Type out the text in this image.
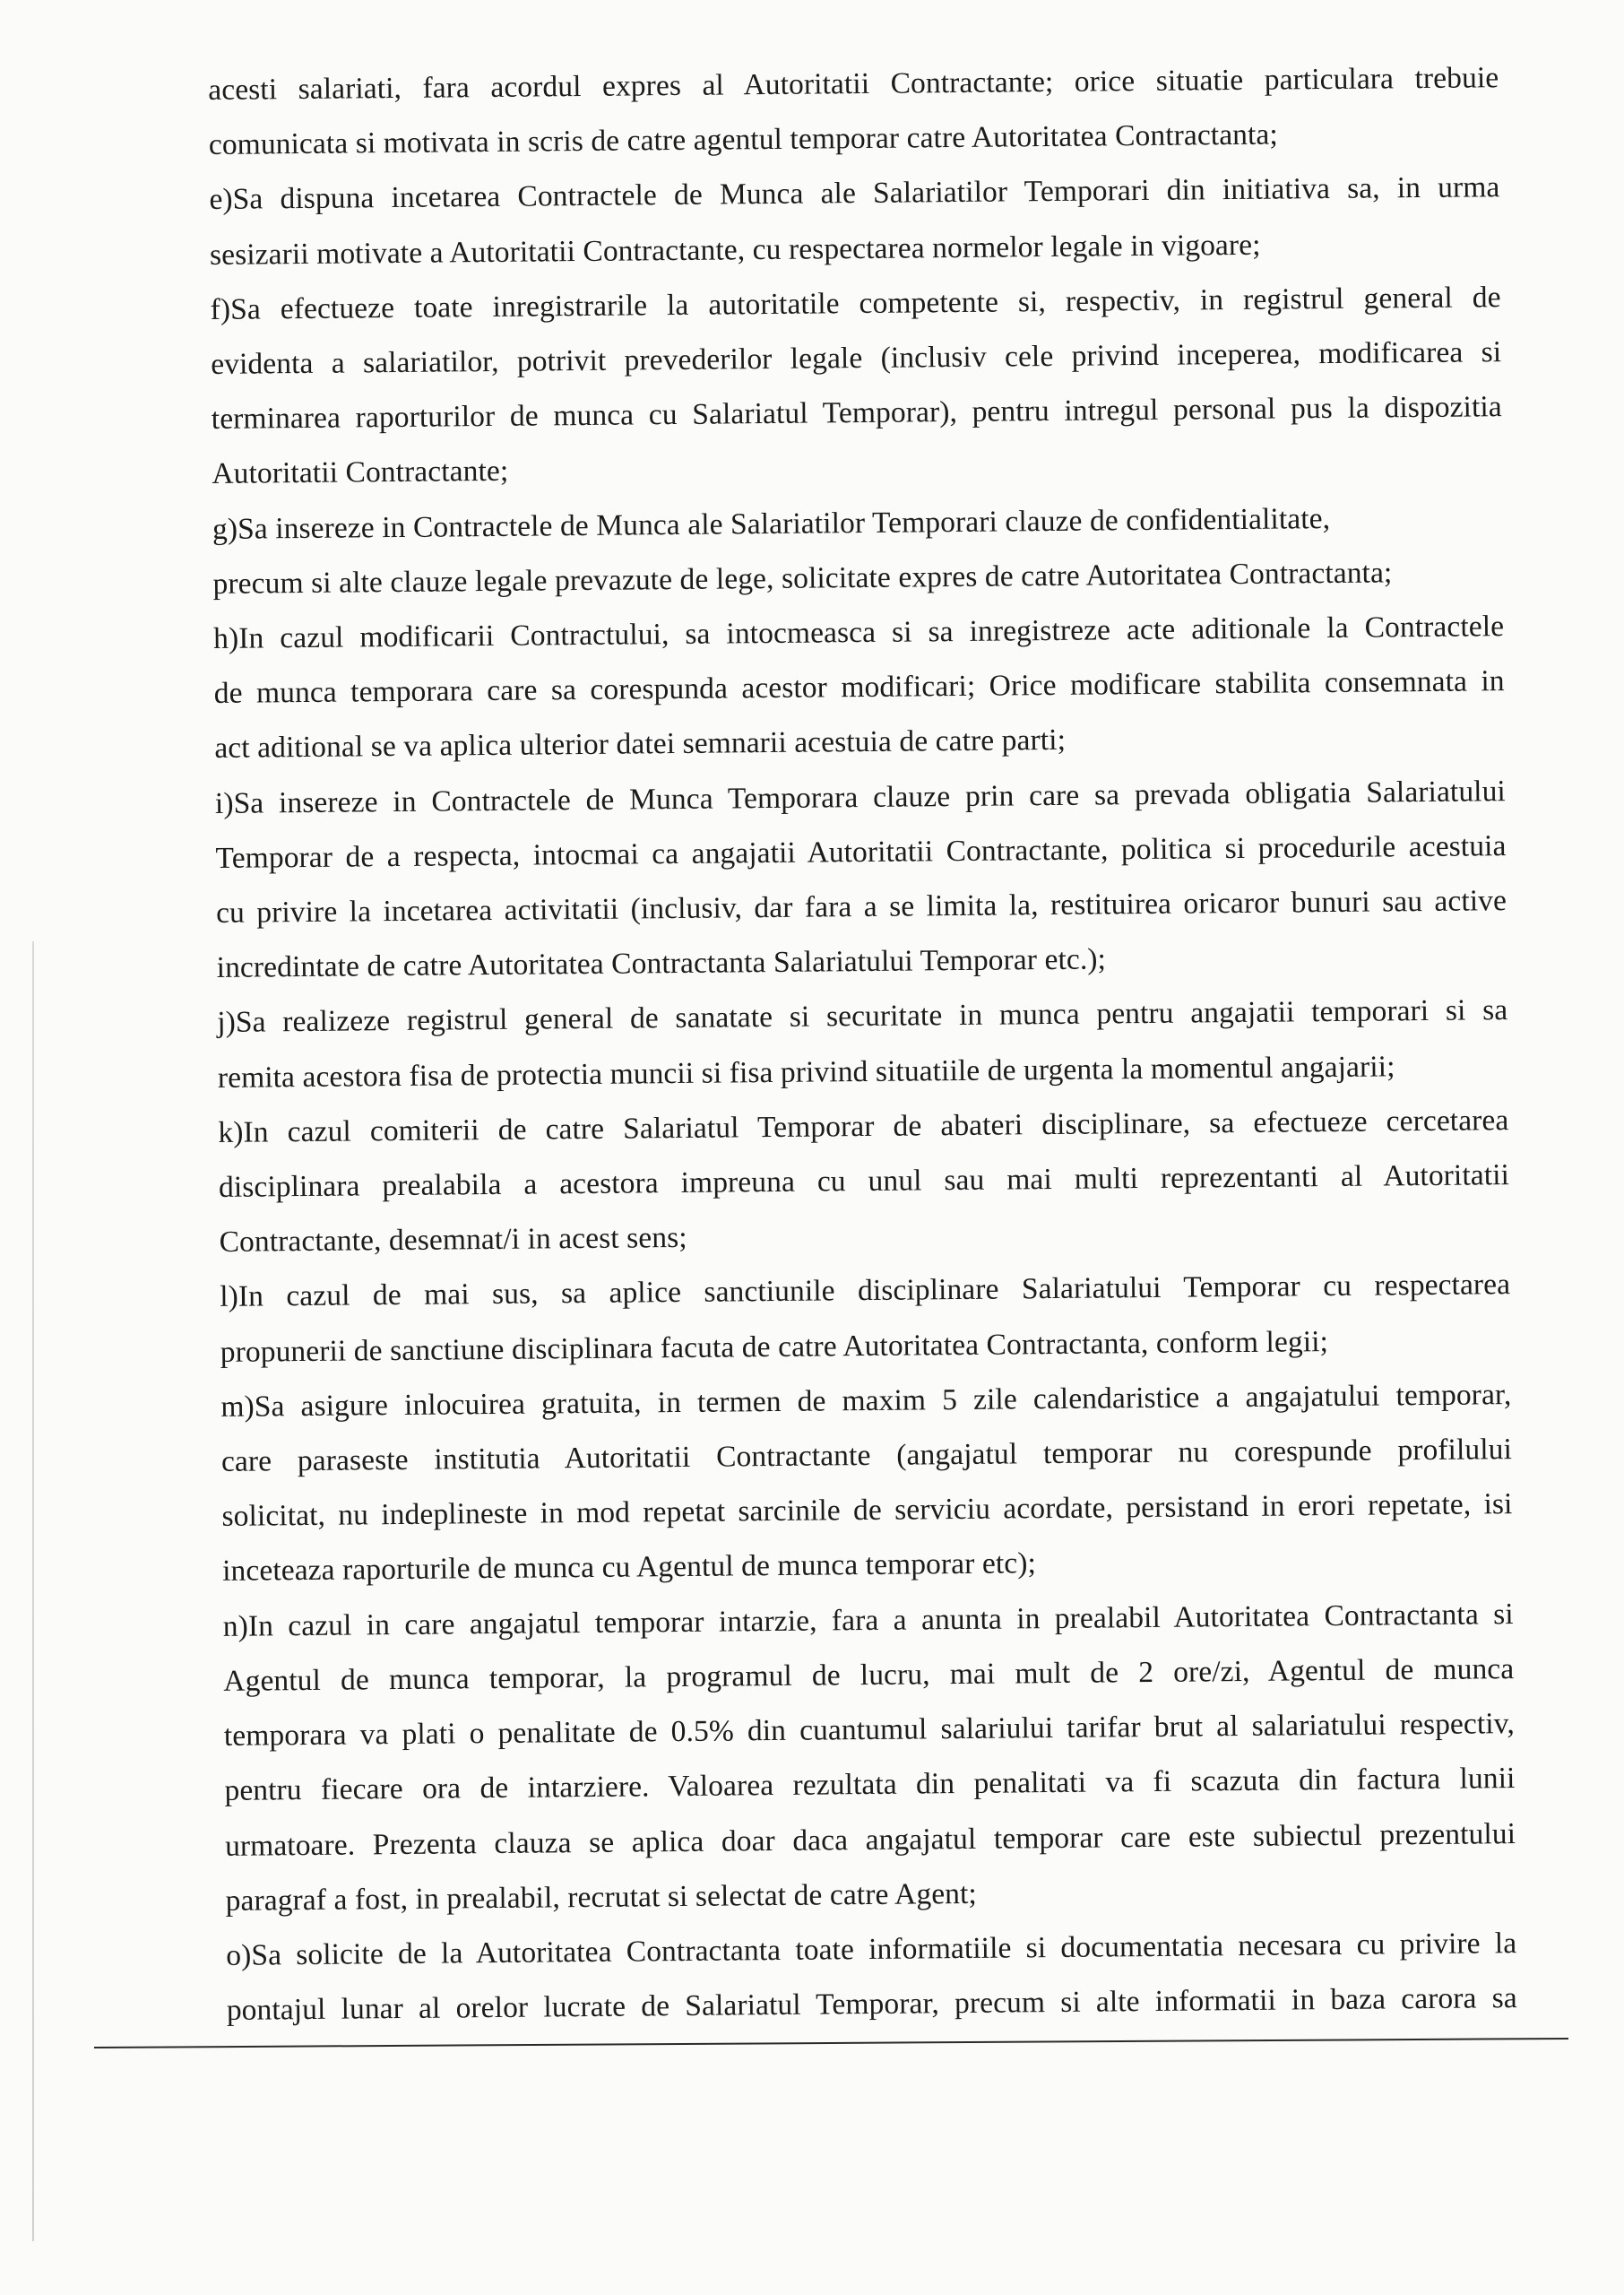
acesti salariati, fara acordul expres al Autoritatii Contractante; orice situatie particulara trebuie
comunicata si motivata in scris de catre agentul temporar catre Autoritatea Contractanta;
e)Sa dispuna incetarea Contractele de Munca ale Salariatilor Temporari din initiativa sa, in urma
sesizarii motivate a Autoritatii Contractante, cu respectarea normelor legale in vigoare;
f)Sa efectueze toate inregistrarile la autoritatile competente si, respectiv, in registrul general de
evidenta a salariatilor, potrivit prevederilor legale (inclusiv cele privind inceperea, modificarea si
terminarea raporturilor de munca cu Salariatul Temporar), pentru intregul personal pus la dispozitia
Autoritatii Contractante;
g)Sa insereze in Contractele de Munca ale Salariatilor Temporari clauze de confidentialitate,
precum si alte clauze legale prevazute de lege, solicitate expres de catre Autoritatea Contractanta;
h)In cazul modificarii Contractului, sa intocmeasca si sa inregistreze acte aditionale la Contractele
de munca temporara care sa corespunda acestor modificari; Orice modificare stabilita consemnata in
act aditional se va aplica ulterior datei semnarii acestuia de catre parti;
i)Sa insereze in Contractele de Munca Temporara clauze prin care sa prevada obligatia Salariatului
Temporar de a respecta, intocmai ca angajatii Autoritatii Contractante, politica si procedurile acestuia
cu privire la incetarea activitatii (inclusiv, dar fara a se limita la, restituirea oricaror bunuri sau active
incredintate de catre Autoritatea Contractanta Salariatului Temporar etc.);
j)Sa realizeze registrul general de sanatate si securitate in munca pentru angajatii temporari si sa
remita acestora fisa de protectia muncii si fisa privind situatiile de urgenta la momentul angajarii;
k)In cazul comiterii de catre Salariatul Temporar de abateri disciplinare, sa efectueze cercetarea
disciplinara prealabila a acestora impreuna cu unul sau mai multi reprezentanti al Autoritatii
Contractante, desemnat/i in acest sens;
l)In cazul de mai sus, sa aplice sanctiunile disciplinare Salariatului Temporar cu respectarea
propunerii de sanctiune disciplinara facuta de catre Autoritatea Contractanta, conform legii;
m)Sa asigure inlocuirea gratuita, in termen de maxim 5 zile calendaristice a angajatului temporar,
care paraseste institutia Autoritatii Contractante (angajatul temporar nu corespunde profilului
solicitat, nu indeplineste in mod repetat sarcinile de serviciu acordate, persistand in erori repetate, isi
inceteaza raporturile de munca cu Agentul de munca temporar etc);
n)In cazul in care angajatul temporar intarzie, fara a anunta in prealabil Autoritatea Contractanta si
Agentul de munca temporar, la programul de lucru, mai mult de 2 ore/zi, Agentul de munca
temporara va plati o penalitate de 0.5% din cuantumul salariului tarifar brut al salariatului respectiv,
pentru fiecare ora de intarziere. Valoarea rezultata din penalitati va fi scazuta din factura lunii
urmatoare. Prezenta clauza se aplica doar daca angajatul temporar care este subiectul prezentului
paragraf a fost, in prealabil, recrutat si selectat de catre Agent;
o)Sa solicite de la Autoritatea Contractanta toate informatiile si documentatia necesara cu privire la
pontajul lunar al orelor lucrate de Salariatul Temporar, precum si alte informatii in baza carora sa
